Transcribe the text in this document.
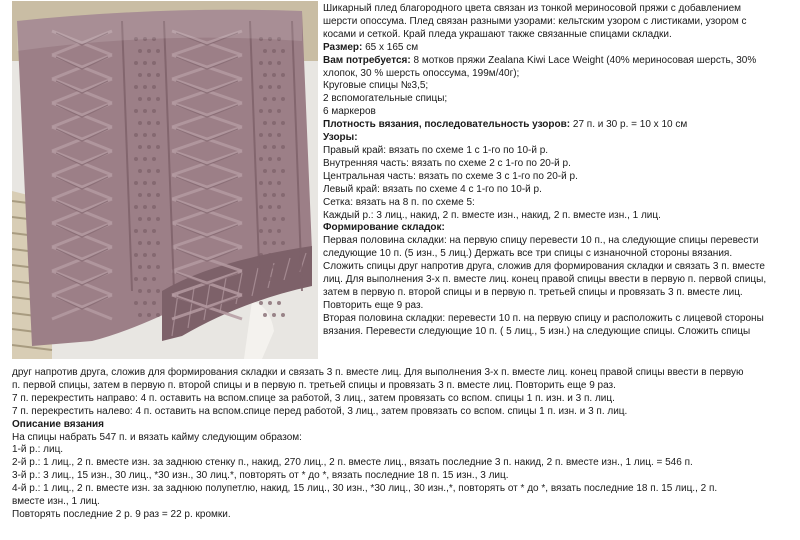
Шикарный плед благородного цвета связан из тонкой мериносовой пряжи с добавлением
шерсти опоссума. Плед связан разными узорами: кельтским узором с листиками, узором с
косами и сеткой. Край пледа украшают также связанные спицами складки.
Размер: 65 х 165 см
Вам потребуется: 8 мотков пряжи Zealana Kiwi Lace Weight (40% мериносовая шерсть, 30%
хлопок, 30 % шерсть опоссума, 199м/40г);
Круговые спицы №3,5;
2 вспомогательные спицы;
6 маркеров
Плотность вязания, последовательность узоров: 27 п. и 30 р. = 10 х 10 см
Узоры:
Правый край: вязать по схеме 1 с 1-го по 10-й р.
Внутренняя часть: вязать по схеме 2 с 1-го по 20-й р.
Центральная часть: вязать по схеме 3 с 1-го по 20-й р.
Левый край: вязать по схеме 4 с 1-го по 10-й р.
Сетка: вязать на 8 п. по схеме 5:
Каждый р.: 3 лиц., накид, 2 п. вместе изн., накид, 2 п. вместе изн., 1 лиц.
Формирование складок:
Первая половина складки: на первую спицу перевести 10 п., на следующие спицы перевести
следующие 10 п. (5 изн., 5 лиц.) Держать все три спицы с изнаночной стороны вязания.
Сложить спицы друг напротив друга, сложив для формирования складки и связать 3 п. вместе
лиц. Для выполнения 3-х п. вместе лиц. конец правой спицы ввести в первую п. первой спицы,
затем в первую п. второй спицы и в первую п. третьей спицы и провязать 3 п. вместе лиц.
Повторить еще 9 раз.
Вторая половина складки: перевести 10 п. на первую спицу и расположить с лицевой стороны
вязания. Перевести следующие 10 п. ( 5 лиц., 5 изн.) на следующие спицы. Сложить спицы
друг напротив друга, сложив для формирования складки и связать 3 п. вместе лиц. Для выполнения 3-х п. вместе лиц. конец правой спицы ввести в первую
п. первой спицы, затем в первую п. второй спицы и в первую п. третьей спицы и провязать 3 п. вместе лиц. Повторить еще 9 раз.
7 п. перекрестить направо: 4 п. оставить на вспом.спице за работой, 3 лиц., затем провязать со вспом. спицы 1 п. изн. и 3 п. лиц.
7 п. перекрестить налево: 4 п. оставить на вспом.спице перед работой, 3 лиц., затем провязать со вспом. спицы 1 п. изн. и 3 п. лиц.
Описание вязания
На спицы набрать 547 п. и вязать кайму следующим образом:
1-й р.: лиц.
2-й р.: 1 лиц., 2 п. вместе изн. за заднюю стенку п., накид, 270 лиц., 2 п. вместе лиц., вязать последние 3 п. накид, 2 п. вместе изн., 1 лиц. = 546 п.
3-й р.: 3 лиц., 15 изн., 30 лиц., *30 изн., 30 лиц.*, повторять от * до *, вязать последние 18 п. 15 изн., 3 лиц.
4-й р.: 1 лиц., 2 п. вместе изн. за заднюю полупетлю, накид, 15 лиц., 30 изн., *30 лиц., 30 изн.,*, повторять от * до *, вязать последние 18 п. 15 лиц., 2 п.
вместе изн., 1 лиц.
Повторять последние 2 р. 9 раз = 22 р. кромки.
